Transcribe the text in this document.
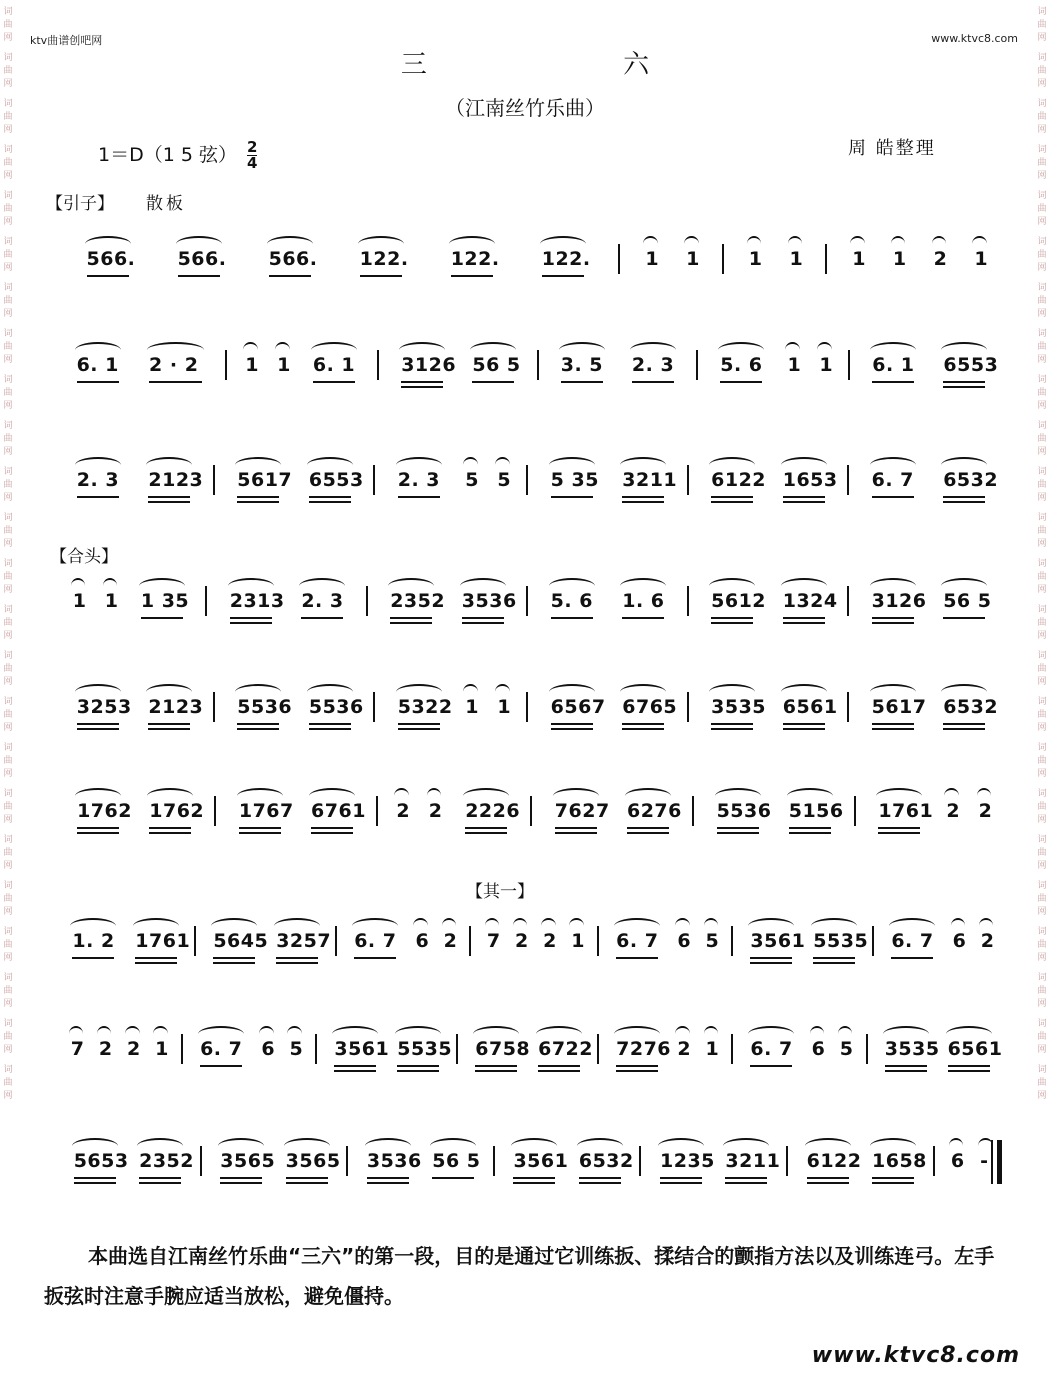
词
曲
网
词
曲
网
词
曲
网
词
曲
网
词
曲
网
词
曲
网
词
曲
网
词
曲
网
词
曲
网
词
曲
网
词
曲
网
词
曲
网
词
曲
网
词
曲
网
词
曲
网
词
曲
网
词
曲
网
词
曲
网
词
曲
网
词
曲
网
词
曲
网
词
曲
网
词
曲
网
词
曲
网
词
曲
网
词
曲
网
词
曲
网
词
曲
网
词
曲
网
词
曲
网
词
曲
网
词
曲
网
词
曲
网
词
曲
网
词
曲
网
词
曲
网
词
曲
网
词
曲
网
词
曲
网
词
曲
网
词
曲
网
词
曲
网
词
曲
网
词
曲
网
词
曲
网
词
曲
网
词
曲
网
词
曲
网
ktv曲谱创吧网	www.ktvc8.com
三 六
（江南丝竹乐曲）
1＝D（1 5 弦） $\frac{2}{4}$	周 皓整理
【引子】 散板
【合头】
【其一】
566. 566. 566. 122. 122. 122.	1 1	1 1	1 1 2 1
6. 1 2 · 2 1 1 6. 1 3126 56 5 3. 5 2. 3 5. 6 1 1 6. 1 6553
2. 3 2123 5617 6553 2. 3 5 5 5 35 3211 6122 1653 6. 7 6532
1 1 1 35 2313 2. 3 2352 3536 5. 6 1. 6 5612 1324 3126 56 5
3253 2123 5536 5536 5322 1 1 6567 6765 3535 6561 5617 6532
1762 1762 1767 6761 2 2 2226 7627 6276 5536 5156 1761 2 2
1. 2 1761 5645 3257 6. 7 6 2 7 2 2 1 6. 7 6 5 3561 5535 6. 7 6 2
7 2 2 1 6. 7 6 5 3561 5535 6758 6722 7276 2 1 6. 7 6 5 3535 6561
5653 2352 3565 3565 3536 56 5 3561 6532 1235 3211 6122 1658 6 -
本曲选自江南丝竹乐曲“三六”的第一段，目的是通过它训练扳、揉结合的颤指方法以及训练连弓。左手扳弦时注意手腕应适当放松，避免僵持。
www.ktvc8.com
